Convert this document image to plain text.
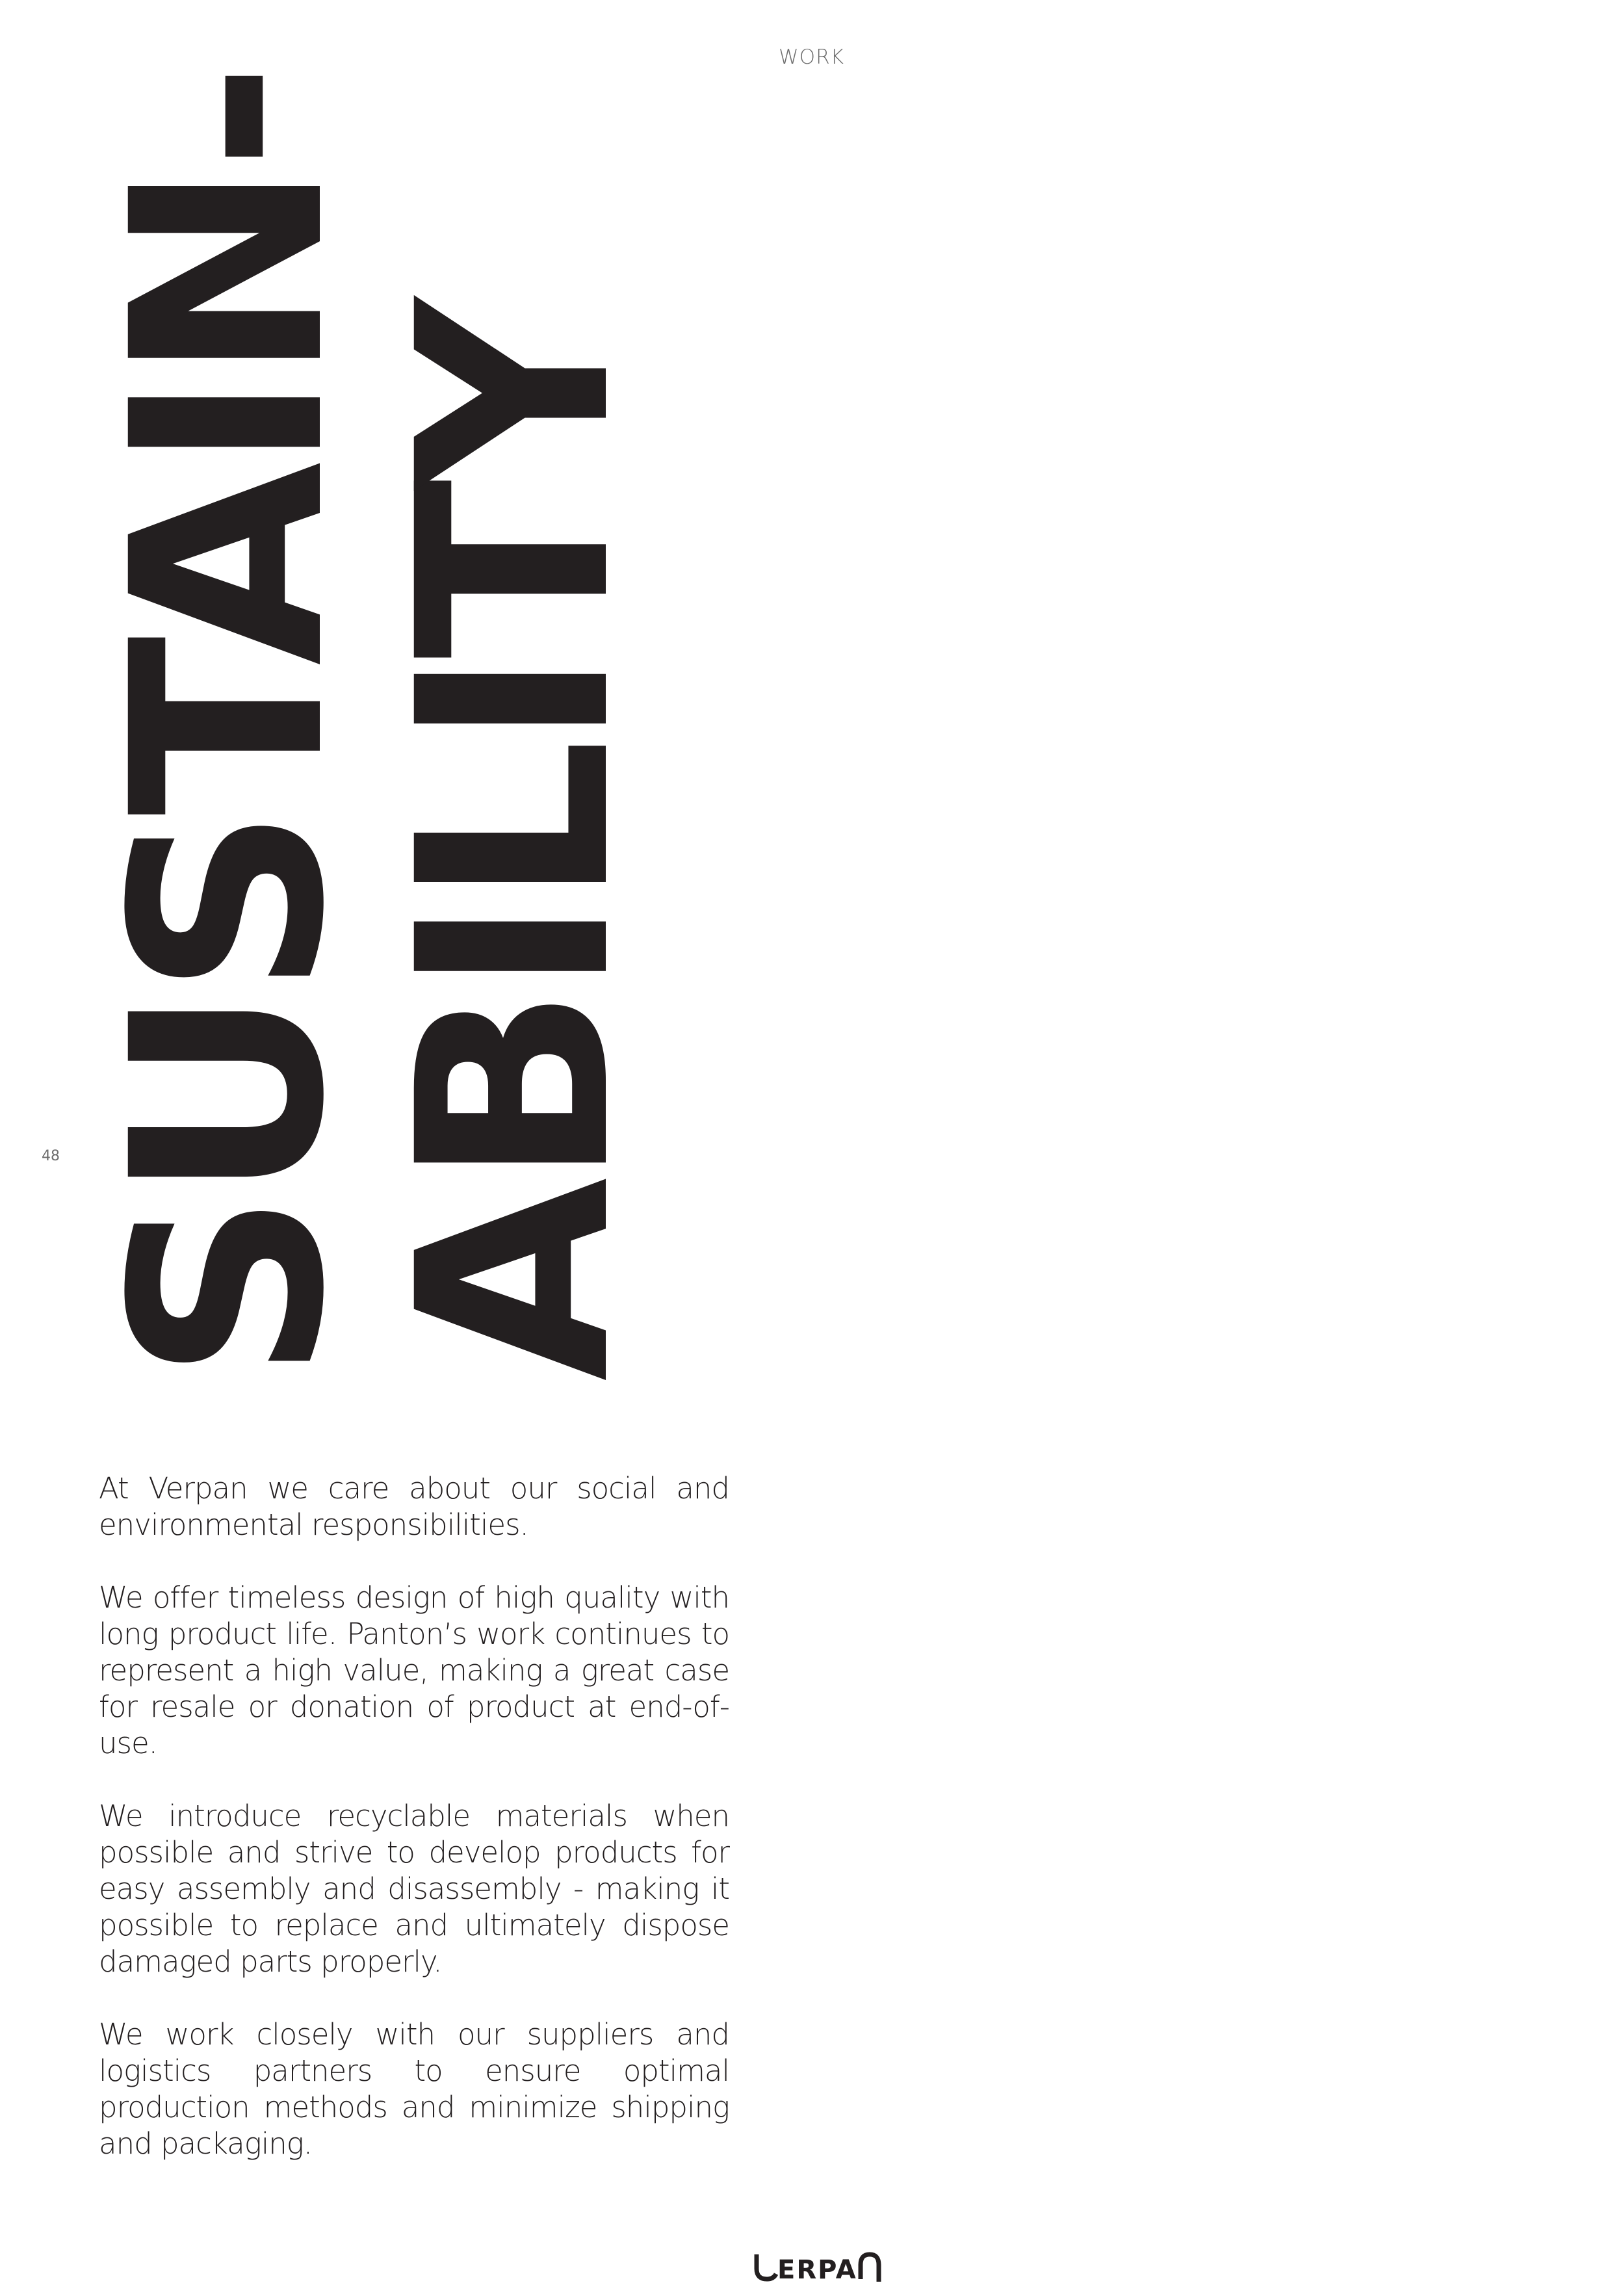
WORK
48 SUSTAIN-
ABILITY

At Verpan we care about our social and environmental responsibilities.

We offer timeless design of high quality with long product life. Panton’s work continues to represent a high value, making a great case for resale or donation of product at end-of-use.

We introduce recyclable materials when possible and strive to develop products for easy assembly and disassembly - making it possible to replace and ultimately dispose damaged parts properly.

We work closely with our suppliers and logistics partners to ensure optimal production methods and minimize shipping and packaging.

ERPA
